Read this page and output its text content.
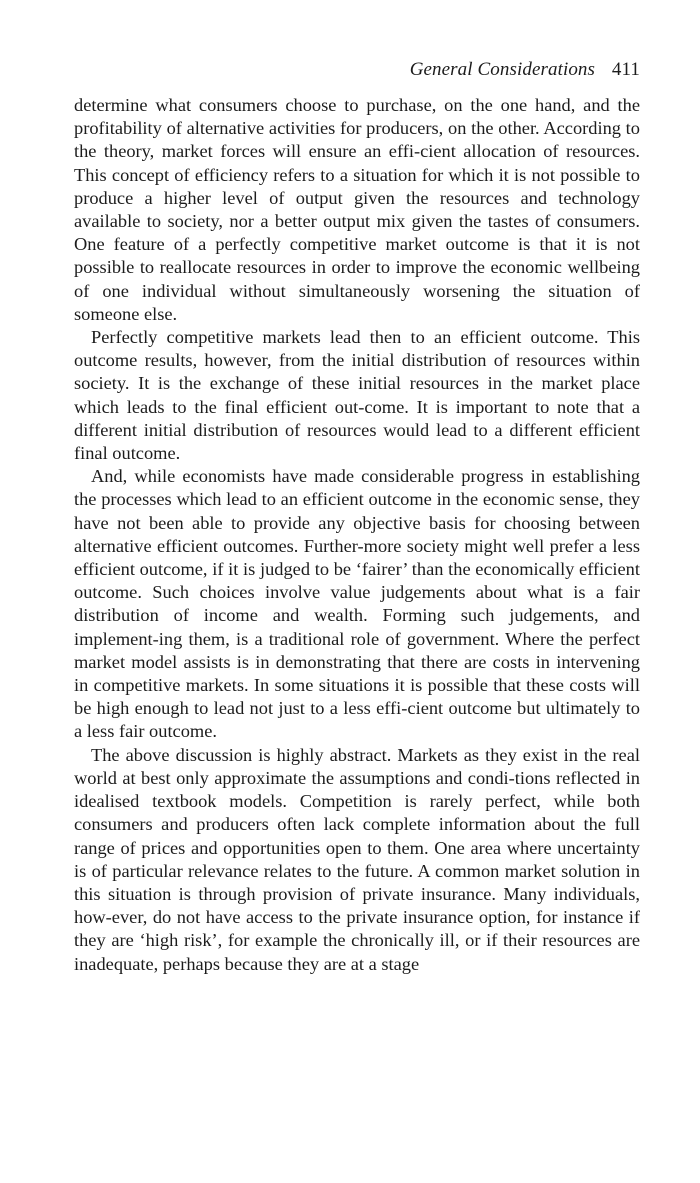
General Considerations 411

determine what consumers choose to purchase, on the one hand, and the profitability of alternative activities for producers, on the other. According to the theory, market forces will ensure an effi-cient allocation of resources. This concept of efficiency refers to a situation for which it is not possible to produce a higher level of output given the resources and technology available to society, nor a better output mix given the tastes of consumers. One feature of a perfectly competitive market outcome is that it is not possible to reallocate resources in order to improve the economic wellbeing of one individual without simultaneously worsening the situation of someone else.

Perfectly competitive markets lead then to an efficient outcome. This outcome results, however, from the initial distribution of resources within society. It is the exchange of these initial resources in the market place which leads to the final efficient out-come. It is important to note that a different initial distribution of resources would lead to a different efficient final outcome.

And, while economists have made considerable progress in establishing the processes which lead to an efficient outcome in the economic sense, they have not been able to provide any objective basis for choosing between alternative efficient outcomes. Further-more society might well prefer a less efficient outcome, if it is judged to be ‘fairer’ than the economically efficient outcome. Such choices involve value judgements about what is a fair distribution of income and wealth. Forming such judgements, and implement-ing them, is a traditional role of government. Where the perfect market model assists is in demonstrating that there are costs in intervening in competitive markets. In some situations it is possible that these costs will be high enough to lead not just to a less effi-cient outcome but ultimately to a less fair outcome.

The above discussion is highly abstract. Markets as they exist in the real world at best only approximate the assumptions and condi-tions reflected in idealised textbook models. Competition is rarely perfect, while both consumers and producers often lack complete information about the full range of prices and opportunities open to them. One area where uncertainty is of particular relevance relates to the future. A common market solution in this situation is through provision of private insurance. Many individuals, how-ever, do not have access to the private insurance option, for instance if they are ‘high risk’, for example the chronically ill, or if their resources are inadequate, perhaps because they are at a stage
